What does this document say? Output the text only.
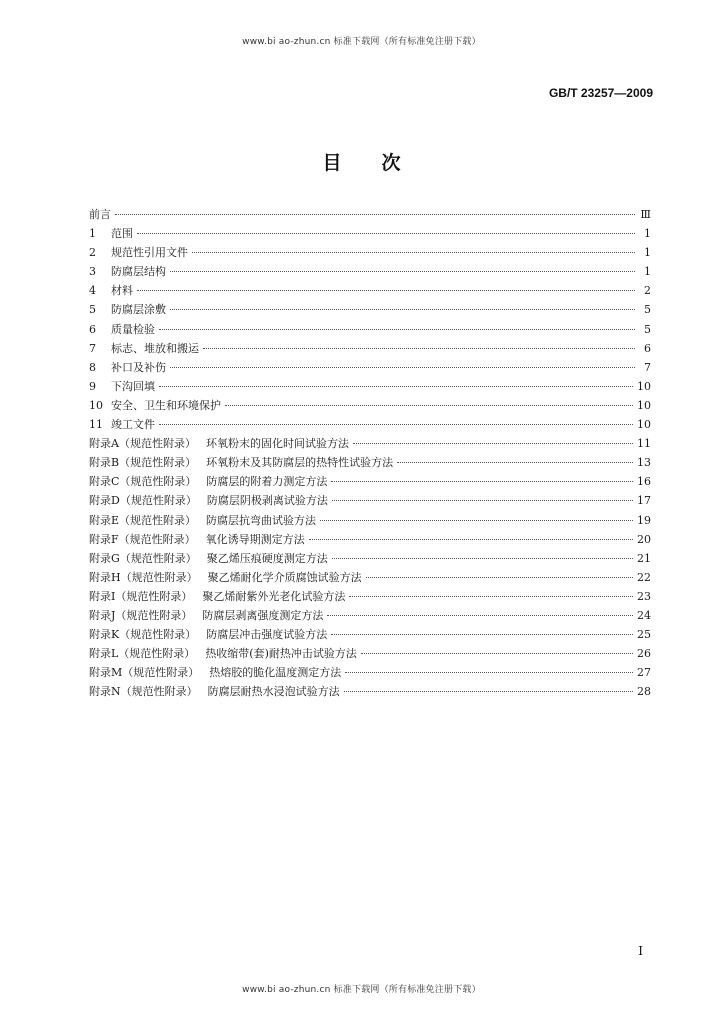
www.bi ao-zhun.cn 标准下载网（所有标准免注册下载）
GB/T 23257—2009
目次
前言	Ⅲ
1	范围	1
2	规范性引用文件	1
3	防腐层结构	1
4	材料	2
5	防腐层涂敷	5
6	质量检验	5
7	标志、堆放和搬运	6
8	补口及补伤	7
9	下沟回填	10
10 安全、卫生和环境保护	10
11 竣工文件	10
附录A（规范性附录） 环氧粉末的固化时间试验方法	11
附录B（规范性附录） 环氧粉末及其防腐层的热特性试验方法	13
附录C（规范性附录） 防腐层的附着力测定方法	16
附录D（规范性附录） 防腐层阴极剥离试验方法	17
附录E（规范性附录） 防腐层抗弯曲试验方法	19
附录F（规范性附录） 氧化诱导期测定方法	20
附录G（规范性附录） 聚乙烯压痕硬度测定方法	21
附录H（规范性附录） 聚乙烯耐化学介质腐蚀试验方法	22
附录I（规范性附录） 聚乙烯耐紫外光老化试验方法	23
附录J（规范性附录） 防腐层剥离强度测定方法	24
附录K（规范性附录） 防腐层冲击强度试验方法	25
附录L（规范性附录） 热收缩带(套)耐热冲击试验方法	26
附录M（规范性附录） 热熔胶的脆化温度测定方法	27
附录N（规范性附录） 防腐层耐热水浸泡试验方法	28
I
www.bi ao-zhun.cn 标准下载网（所有标准免注册下载）
